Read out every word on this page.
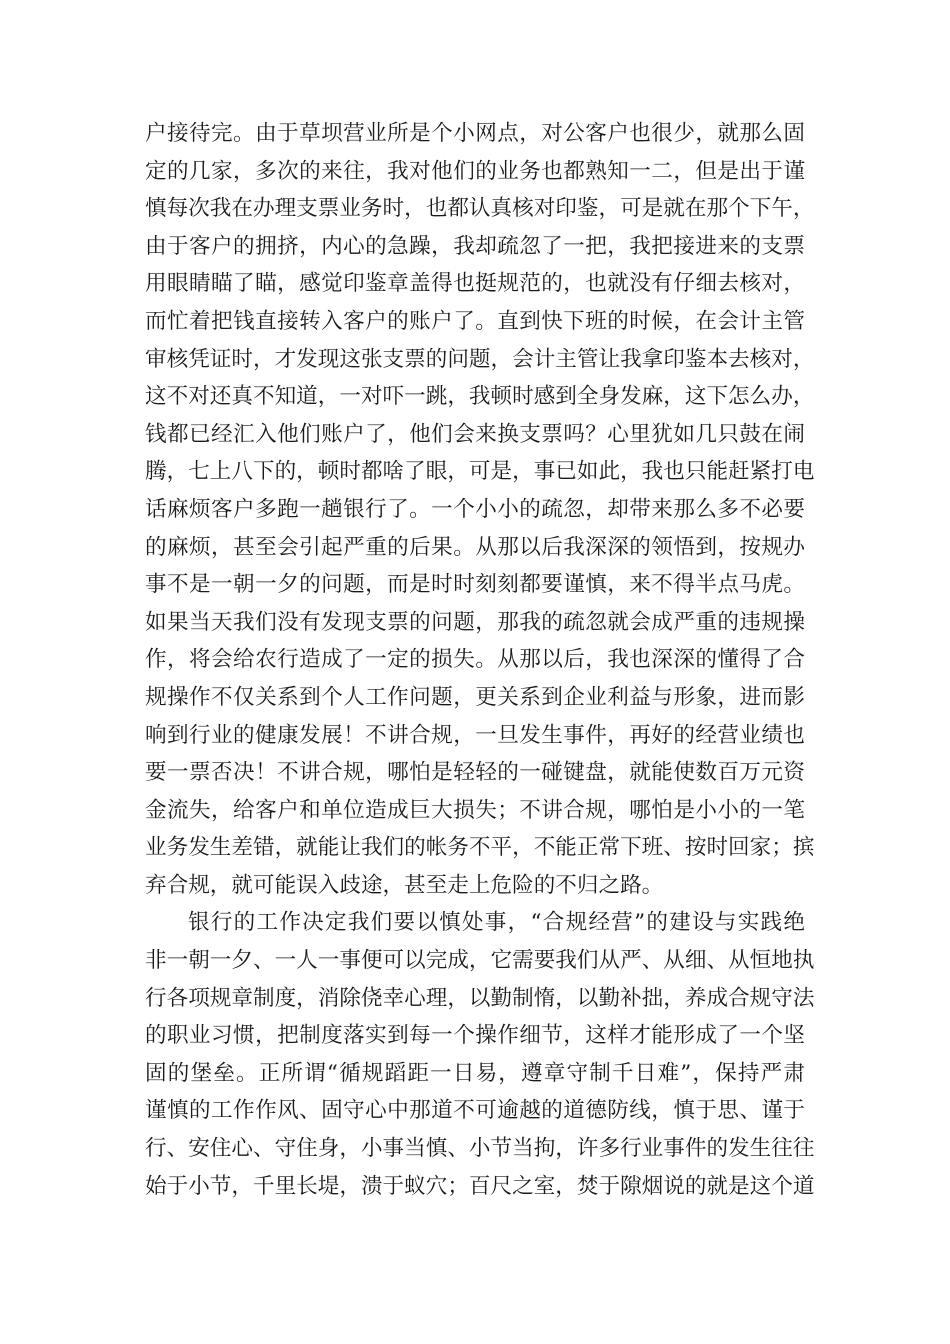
户接待完。由于草坝营业所是个小网点，对公客户也很少，就那么固
定的几家，多次的来往，我对他们的业务也都熟知一二，但是出于谨
慎每次我在办理支票业务时，也都认真核对印鉴，可是就在那个下午，
由于客户的拥挤，内心的急躁，我却疏忽了一把，我把接进来的支票
用眼睛瞄了瞄，感觉印鉴章盖得也挺规范的，也就没有仔细去核对，
而忙着把钱直接转入客户的账户了。直到快下班的时候，在会计主管
审核凭证时，才发现这张支票的问题，会计主管让我拿印鉴本去核对，
这不对还真不知道，一对吓一跳，我顿时感到全身发麻，这下怎么办，
钱都已经汇入他们账户了，他们会来换支票吗？心里犹如几只鼓在闹
腾，七上八下的，顿时都啥了眼，可是，事已如此，我也只能赶紧打电
话麻烦客户多跑一趟银行了。一个小小的疏忽，却带来那么多不必要
的麻烦，甚至会引起严重的后果。从那以后我深深的领悟到，按规办
事不是一朝一夕的问题，而是时时刻刻都要谨慎，来不得半点马虎。
如果当天我们没有发现支票的问题，那我的疏忽就会成严重的违规操
作，将会给农行造成了一定的损失。从那以后，我也深深的懂得了合
规操作不仅关系到个人工作问题，更关系到企业利益与形象，进而影
响到行业的健康发展！不讲合规，一旦发生事件，再好的经营业绩也
要一票否决！不讲合规，哪怕是轻轻的一碰键盘，就能使数百万元资
金流失，给客户和单位造成巨大损失；不讲合规，哪怕是小小的一笔
业务发生差错，就能让我们的帐务不平，不能正常下班、按时回家；摈
弃合规，就可能误入歧途，甚至走上危险的不归之路。
银行的工作决定我们要以慎处事，“合规经营”的建设与实践绝
非一朝一夕、一人一事便可以完成，它需要我们从严、从细、从恒地执
行各项规章制度，消除侥幸心理，以勤制惰，以勤补拙，养成合规守法
的职业习惯，把制度落实到每一个操作细节，这样才能形成了一个坚
固的堡垒。正所谓“循规蹈距一日易，遵章守制千日难”，保持严肃
谨慎的工作作风、固守心中那道不可逾越的道德防线，慎于思、谨于
行、安住心、守住身，小事当慎、小节当拘，许多行业事件的发生往往
始于小节，千里长堤，溃于蚁穴；百尺之室，焚于隙烟说的就是这个道
